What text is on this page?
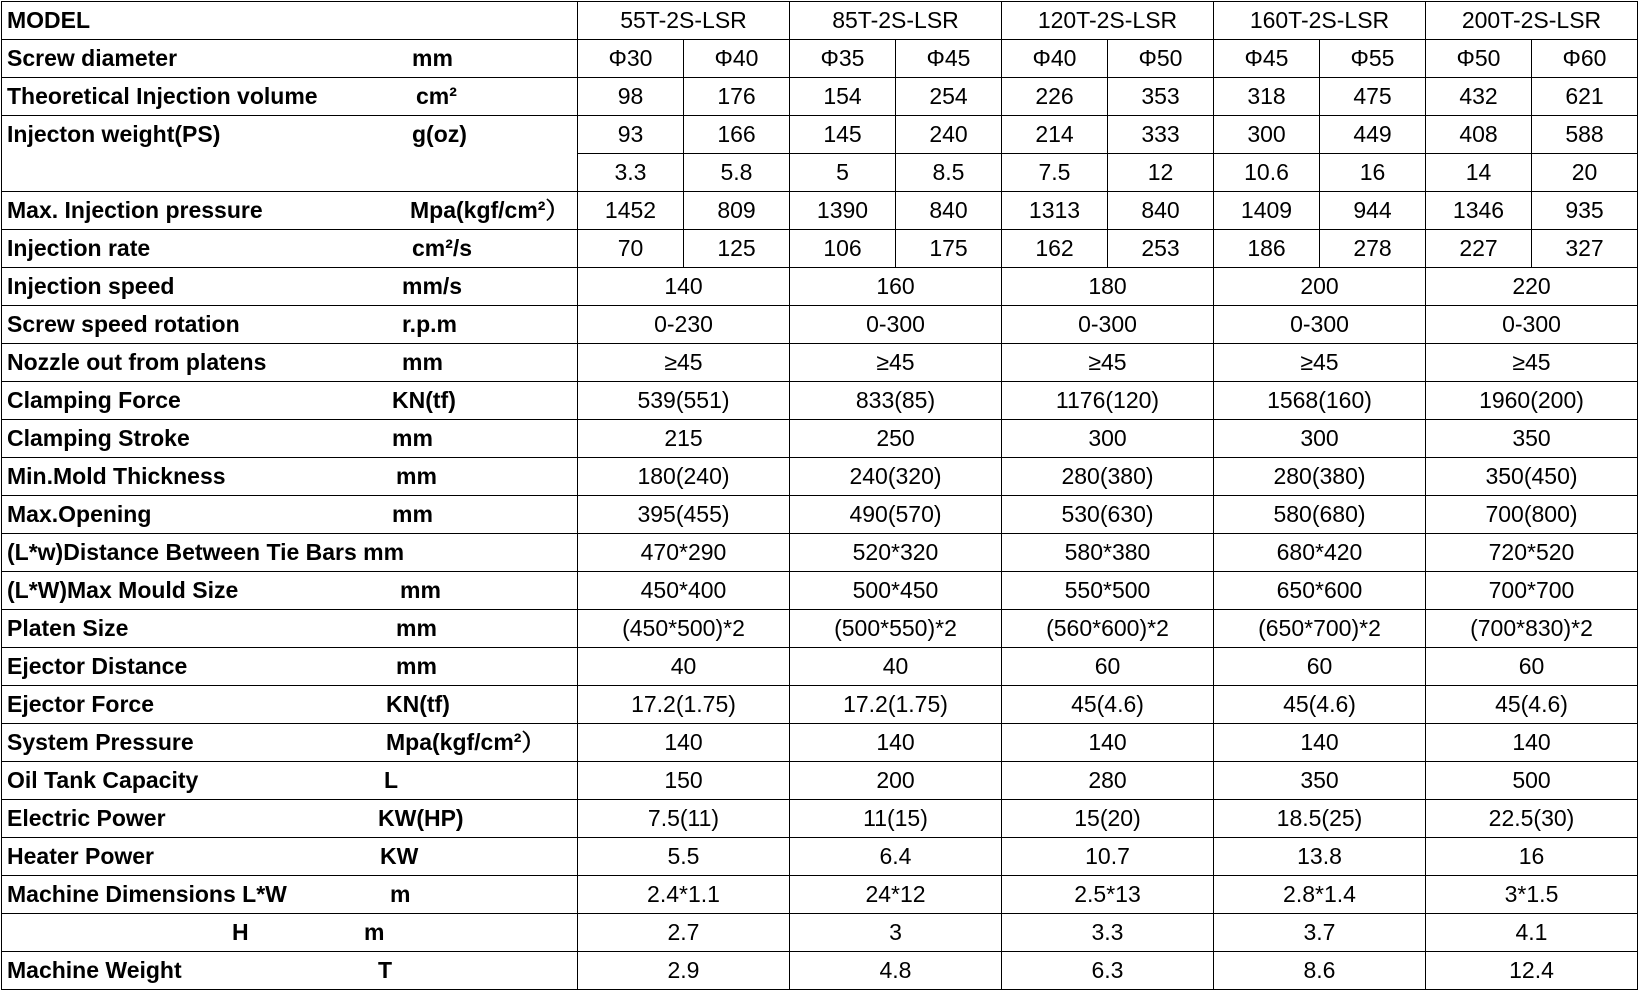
MODEL	55T-2S-LSR		85T-2S-LSR		120T-2S-LSR		160T-2S-LSR		200T-2S-LSR	

Screw diameter mm	Φ30	Φ40	Φ35	Φ45	Φ40	Φ50	Φ45	Φ55	Φ50	Φ60

Theoretical Injection volume cm²	98	176	154	254	226	353	318	475	432	621

Injecton weight(PS) g(oz)	93	166	145	240	214	333	300	449	408	588
	3.3	5.8	5	8.5	7.5	12	10.6	16	14	20

Max. Injection pressure Mpa(kgf/cm²）	1452	809	1390	840	1313	840	1409	944	1346	935

Injection rate cm²/s	70	125	106	175	162	253	186	278	227	327

Injection speed mm/s	140		160		180		200		220	

Screw speed rotation r.p.m	0-230		0-300		0-300		0-300		0-300	

Nozzle out from platens mm	≥45		≥45		≥45		≥45		≥45	

Clamping Force KN(tf)	539(551)		833(85)		1176(120)		1568(160)		1960(200)	

Clamping Stroke mm	215		250		300		300		350	

Min.Mold Thickness mm	180(240)		240(320)		280(380)		280(380)		350(450)	

Max.Opening mm	395(455)		490(570)		530(630)		580(680)		700(800)	

(L*w)Distance Between Tie Bars mm	470*290		520*320		580*380		680*420		720*520	

(L*W)Max Mould Size mm	450*400		500*450		550*500		650*600		700*700	

Platen Size mm	(450*500)*2		(500*550)*2		(560*600)*2		(650*700)*2		(700*830)*2	

Ejector Distance mm	40		40		60		60		60	

Ejector Force KN(tf)	17.2(1.75)		17.2(1.75)		45(4.6)		45(4.6)		45(4.6)	

System Pressure Mpa(kgf/cm²）	140		140		140		140		140	

Oil Tank Capacity L	150		200		280		350		500	

Electric Power KW(HP)	7.5(11)		11(15)		15(20)		18.5(25)		22.5(30)	

Heater Power KW	5.5		6.4		10.7		13.8		16	

Machine Dimensions L*W m	2.4*1.1		24*12		2.5*13		2.8*1.4		3*1.5	

H m	2.7		3		3.3		3.7		4.1	

Machine Weight T	2.9		4.8		6.3		8.6		12.4	
